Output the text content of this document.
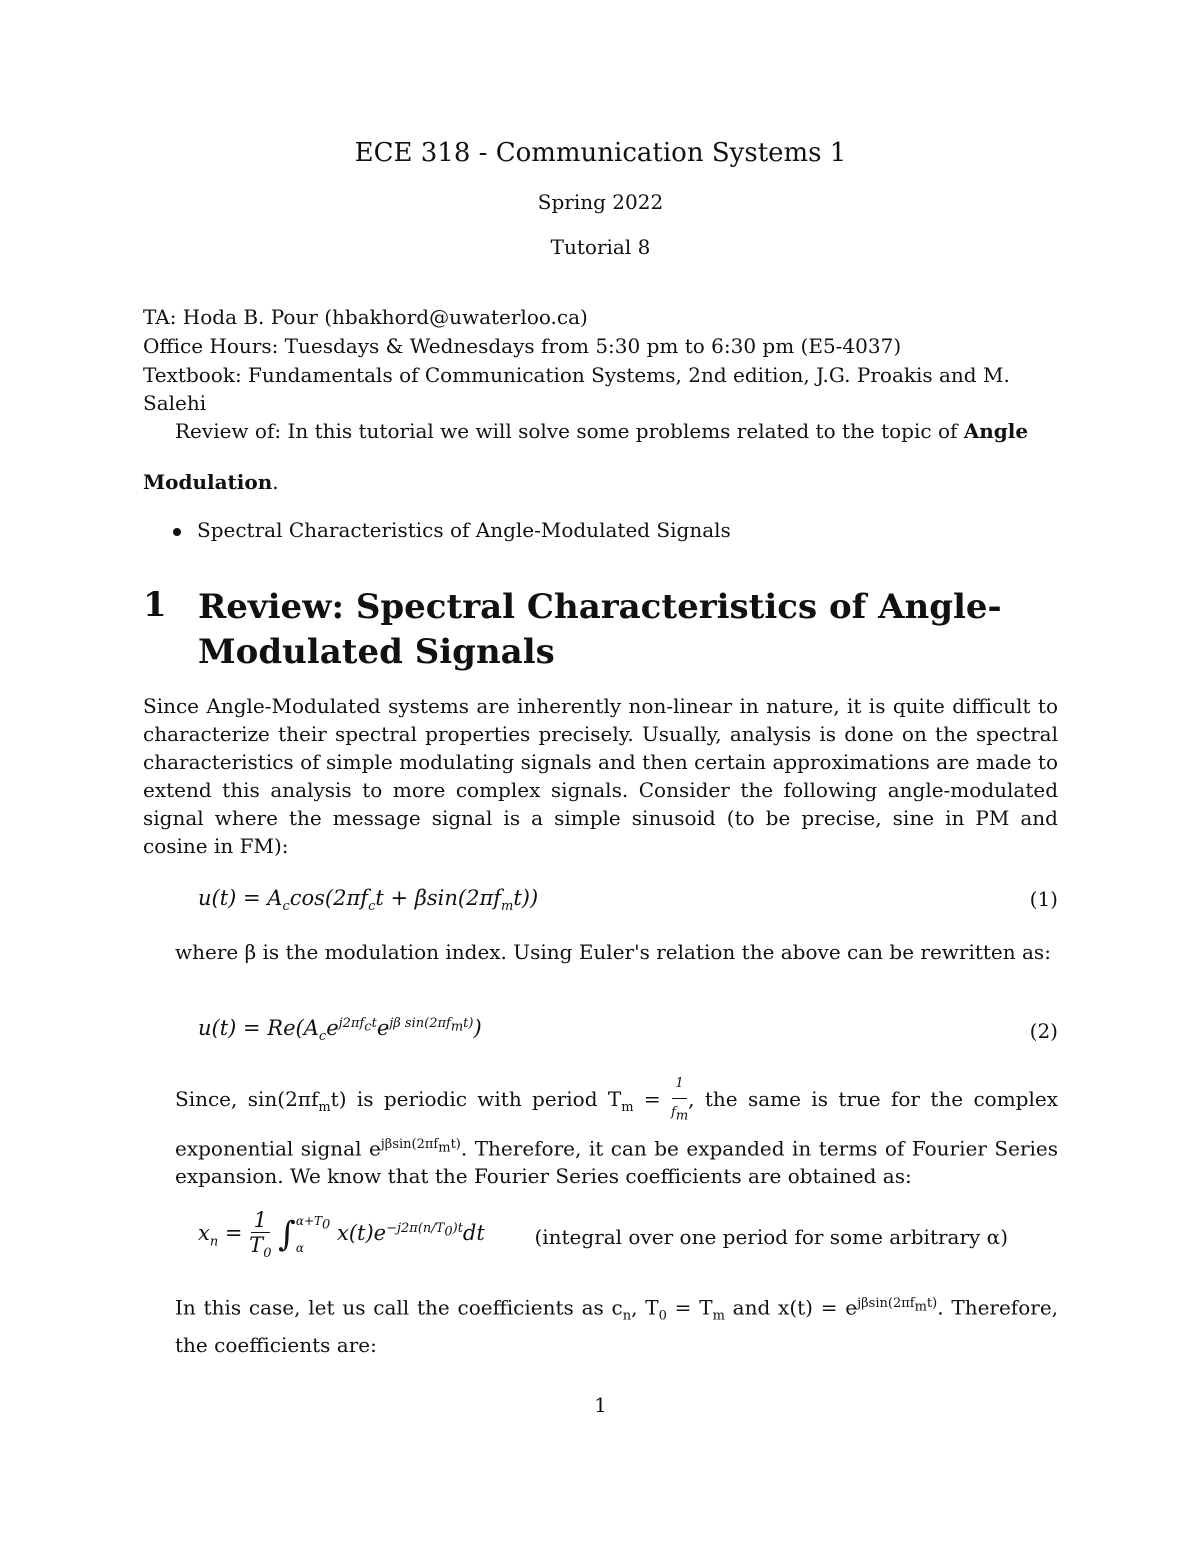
ECE 318 - Communication Systems 1
Spring 2022
Tutorial 8
TA: Hoda B. Pour (hbakhord@uwaterloo.ca)
Office Hours: Tuesdays & Wednesdays from 5:30 pm to 6:30 pm (E5-4037)
Textbook: Fundamentals of Communication Systems, 2nd edition, J.G. Proakis and M.
Salehi
Review of: In this tutorial we will solve some problems related to the topic of Angle
Modulation.
Spectral Characteristics of Angle-Modulated Signals
1 Review: Spectral Characteristics of Angle-Modulated Signals
Since Angle-Modulated systems are inherently non-linear in nature, it is quite difficult to characterize their spectral properties precisely. Usually, analysis is done on the spectral characteristics of simple modulating signals and then certain approximations are made to extend this analysis to more complex signals. Consider the following angle-modulated signal where the message signal is a simple sinusoid (to be precise, sine in PM and cosine in FM):
$u(t) = A_c\cos(2\pi f_ct + \beta\sin(2\pi f_mt))$	(1)
where β is the modulation index. Using Euler's relation the above can be rewritten as:
$u(t) = Re(A_ce^{j2\pi f_ct}e^{j\beta sin(2\pi f_mt)})$	(2)
Since, $\sin(2\pi f_mt)$ is periodic with period $T_m = \frac{1}{f_m}$ , the same is true for the complex exponential signal $e^{j\beta sin(2\pi f_mt)}$. Therefore, it can be expanded in terms of Fourier Series expansion. We know that the Fourier Series coefficients are obtained as:
$x_n = \frac{1}{T_0}$ ∫ $\alpha+T_0$
α
$x(t)e^{-j2\pi(n/T_0)t}dt$ (integral over one period for some arbitrary α)
In this case, let us call the coefficients as $c_n$, $T_0 = T_m$ and $x(t) = e^{j\beta sin(2\pi f_mt)}$. Therefore, the coefficients are:
1
